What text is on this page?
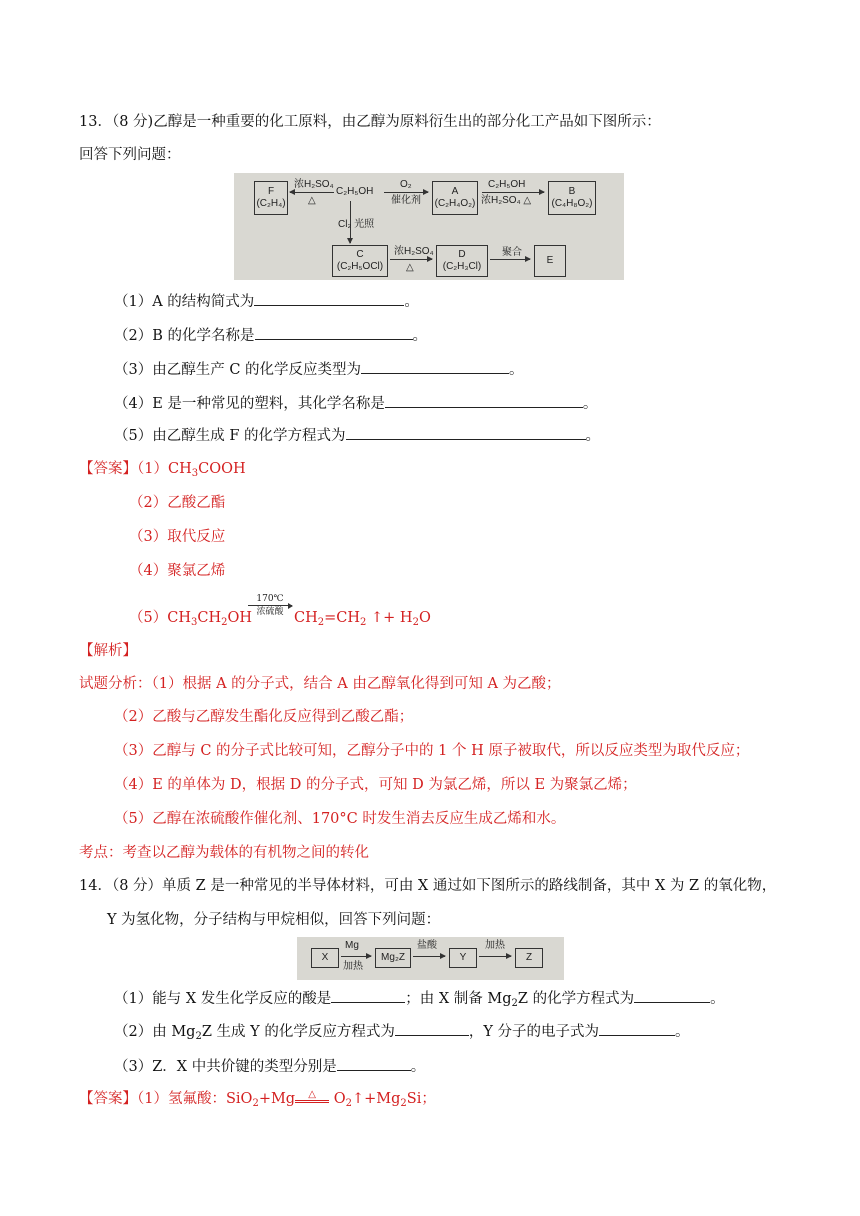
13．（8 分)乙醇是一种重要的化工原料，由乙醇为原料衍生出的部分化工产品如下图所示：
回答下列问题：
F
(C₂H₄)
浓H₂SO₄
△
C₂H₅OH
O₂
催化剂
A
(C₂H₄O₂)
C₂H₅OH
浓H₂SO₄ △
B
(C₄H₈O₂)
Cl₂ 光照
C
(C₂H₅OCl)
浓H₂SO₄
△
D
(C₂H₃Cl)
聚合
E
（1）A 的结构简式为	。
（2）B 的化学名称是	。
（3）由乙醇生产 C 的化学反应类型为	。
（4）E 是一种常见的塑料，其化学名称是	。
（5）由乙醇生成 F 的化学方程式为	。
【答案】$(1)CH_3COOH$
（2）乙酸乙酯
（3）取代反应
（4）聚氯乙烯
$(5)CH_3CH_2OH$
170℃
浓硫酸 $CH_2=CH_2$ ↑+ $H_2O$
【解析】
试题分析：（1）根据 A 的分子式，结合 A 由乙醇氧化得到可知 A 为乙酸；
（2）乙酸与乙醇发生酯化反应得到乙酸乙酯；
（3）乙醇与 C 的分子式比较可知，乙醇分子中的 1 个 H 原子被取代，所以反应类型为取代反应；
（4）E 的单体为 D，根据 D 的分子式，可知 D 为氯乙烯，所以 E 为聚氯乙烯；
（5）乙醇在浓硫酸作催化剂、170°C 时发生消去反应生成乙烯和水。
考点：考查以乙醇为载体的有机物之间的转化
14．（8 分）单质 Z 是一种常见的半导体材料，可由 X 通过如下图所示的路线制备，其中 X 为 Z 的氧化物，
Y 为氢化物，分子结构与甲烷相似，回答下列问题：
X
Mg
加热
Mg₂Z
盐酸
Y
加热
Z
（1）能与 X 发生化学反应的酸是	；由 X 制备 $Mg_2Z$ 的化学方程式为	。
（2）由 $Mg_2Z$ 生成 Y 的化学反应方程式为	，Y 分子的电子式为	。
（3）Z．X 中共价键的类型分别是	。
【答案】（1）氢氟酸：SiO$_2$+Mg △ $O_2↑+Mg_2Si$；
